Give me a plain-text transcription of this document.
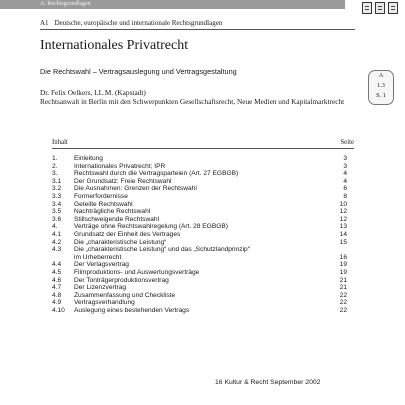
A. Rechtsgrundlagen
A1 Deutsche, europäische und internationale Rechtsgrundlagen
Internationales Privatrecht
Die Rechtswahl – Vertragsauslegung und Vertragsgestaltung
Dr. Felix Oelkers, LL.M. (Kapstadt)
Rechtsanwalt in Berlin mit den Schwerpunkten Gesellschaftsrecht, Neue Medien und Kapitalmarktrecht
A
1.3
S. 1
Inhalt	Seite
1.	Einleitung	3
2.	Internationales Privatrecht; IPR	3
3.	Rechtswahl durch die Vertragsparteien (Art. 27 EGBGB)	4
3.1 Der Grundsatz: Freie Rechtswahl	4
3.2 Die Ausnahmen: Grenzen der Rechtswahl	6
3.3 Formerfordernisse	8
3.4 Geteilte Rechtswahl	10
3.5 Nachträgliche Rechtswahl	12
3.6 Stillschweigende Rechtswahl	12
4.	Verträge ohne Rechtswahlregelung (Art. 28 EGBGB)	13
4.1 Grundsatz der Einheit des Vertrages	14
4.2 Die „charakteristische Leistung“	15
4.3 Die „charakteristische Leistung“ und das „Schutzlandprinzip“
im Urheberrecht	16
4.4 Der Verlagsvertrag	19
4.5 Filmproduktions- und Auswertungsverträge	19
4.6 Der Tonträgerproduktionsvertrag	21
4.7 Der Lizenzvertrag	21
4.8 Zusammenfassung und Checkliste	22
4.9 Vertragsverhandlung	22
4.10 Auslegung eines bestehenden Vertrags	22
16 Kultur & Recht September 2002
